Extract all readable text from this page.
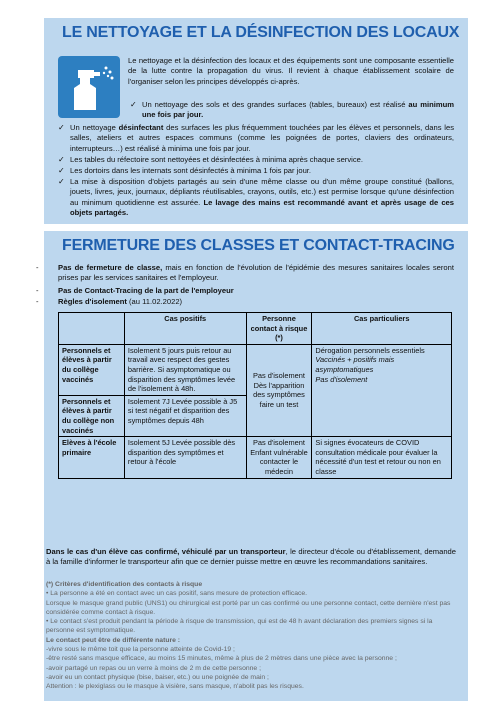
LE NETTOYAGE ET LA DÉSINFECTION DES LOCAUX
Le nettoyage et la désinfection des locaux et des équipements sont une composante essentielle de la lutte contre la propagation du virus. Il revient à chaque établissement scolaire de l'organiser selon les principes développés ci-après.
✓ Un nettoyage des sols et des grandes surfaces (tables, bureaux) est réalisé au minimum une fois par jour.
✓ Un nettoyage désinfectant des surfaces les plus fréquemment touchées par les élèves et personnels, dans les salles, ateliers et autres espaces communs (comme les poignées de portes, claviers des ordinateurs, interrupteurs…) est réalisé à minima une fois par jour.
✓ Les tables du réfectoire sont nettoyées et désinfectées à minima après chaque service.
✓ Les dortoirs dans les internats sont désinfectés à minima 1 fois par jour.
✓ La mise à disposition d'objets partagés au sein d'une même classe ou d'un même groupe constitué (ballons, jouets, livres, jeux, journaux, dépliants réutilisables, crayons, outils, etc.) est permise lorsque qu'une désinfection au minimum quotidienne est assurée. Le lavage des mains est recommandé avant et après usage de ces objets partagés.
FERMETURE DES CLASSES ET CONTACT-TRACING
- Pas de fermeture de classe, mais en fonction de l'évolution de l'épidémie des mesures sanitaires locales seront prises par les services sanitaires et l'employeur.
- Pas de Contact-Tracing de la part de l'employeur
- Règles d'isolement (au 11.02.2022)
	Cas positifs	Personne contact à risque (*)	Cas particuliers
Personnels et élèves à partir du collège vaccinés	Isolement 5 jours puis retour au travail avec respect des gestes barrière. Si asymptomatique ou disparition des symptômes levée de l'isolement à 48h.	Pas d'isolement Dès l'apparition des symptômes faire un test	Dérogation personnels essentiels
Vaccinés + positifs mais asymptomatiques
Pas d'isolement

Personnels et élèves à partir du collège non vaccinés	Isolement 7J Levée possible à J5 si test négatif et disparition des symptômes depuis 48h		
Elèves à l'école primaire	Isolement 5J Levée possible dès disparition des symptômes et retour à l'école	Pas d'isolement Enfant vulnérable contacter le médecin	Si signes évocateurs de COVID consultation médicale pour évaluer la nécessité d'un test et retour ou non en classe
Dans le cas d'un élève cas confirmé, véhiculé par un transporteur, le directeur d'école ou d'établissement, demande à la famille d'informer le transporteur afin que ce dernier puisse mettre en œuvre les recommandations sanitaires.
(*) Critères d'identification des contacts à risque
• La personne a été en contact avec un cas positif, sans mesure de protection efficace.
Lorsque le masque grand public (UNS1) ou chirurgical est porté par un cas confirmé ou une personne contact, cette dernière n'est pas considérée comme contact à risque.
• Le contact s'est produit pendant la période à risque de transmission, qui est de 48 h avant déclaration des premiers signes si la personne est symptomatique.
Le contact peut être de différente nature :
-vivre sous le même toit que la personne atteinte de Covid-19 ;
-être resté sans masque efficace, au moins 15 minutes, même à plus de 2 mètres dans une pièce avec la personne ;
-avoir partagé un repas ou un verre à moins de 2 m de cette personne ;
-avoir eu un contact physique (bise, baiser, etc.) ou une poignée de main ;
Attention : le plexiglass ou le masque à visière, sans masque, n'abolit pas les risques.
